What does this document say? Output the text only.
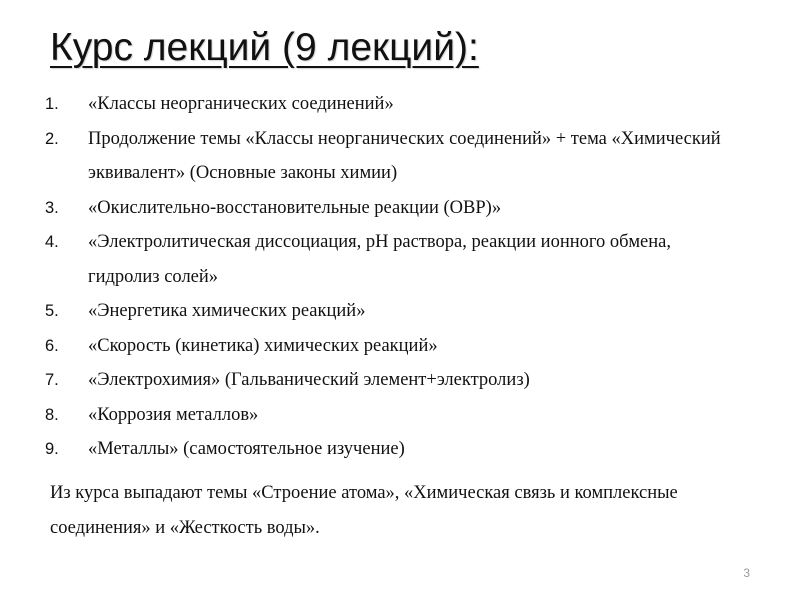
Курс лекций (9 лекций):
1. «Классы неорганических соединений»
2. Продолжение темы «Классы неорганических соединений» + тема «Химический эквивалент» (Основные законы химии)
3. «Окислительно-восстановительные реакции (ОВР)»
4. «Электролитическая диссоциация, рН раствора, реакции ионного обмена, гидролиз солей»
5. «Энергетика химических реакций»
6. «Скорость (кинетика) химических реакций»
7. «Электрохимия» (Гальванический элемент+электролиз)
8. «Коррозия металлов»
9. «Металлы» (самостоятельное изучение)

Из курса выпадают темы «Строение атома», «Химическая связь и комплексные соединения» и «Жесткость воды».

3
